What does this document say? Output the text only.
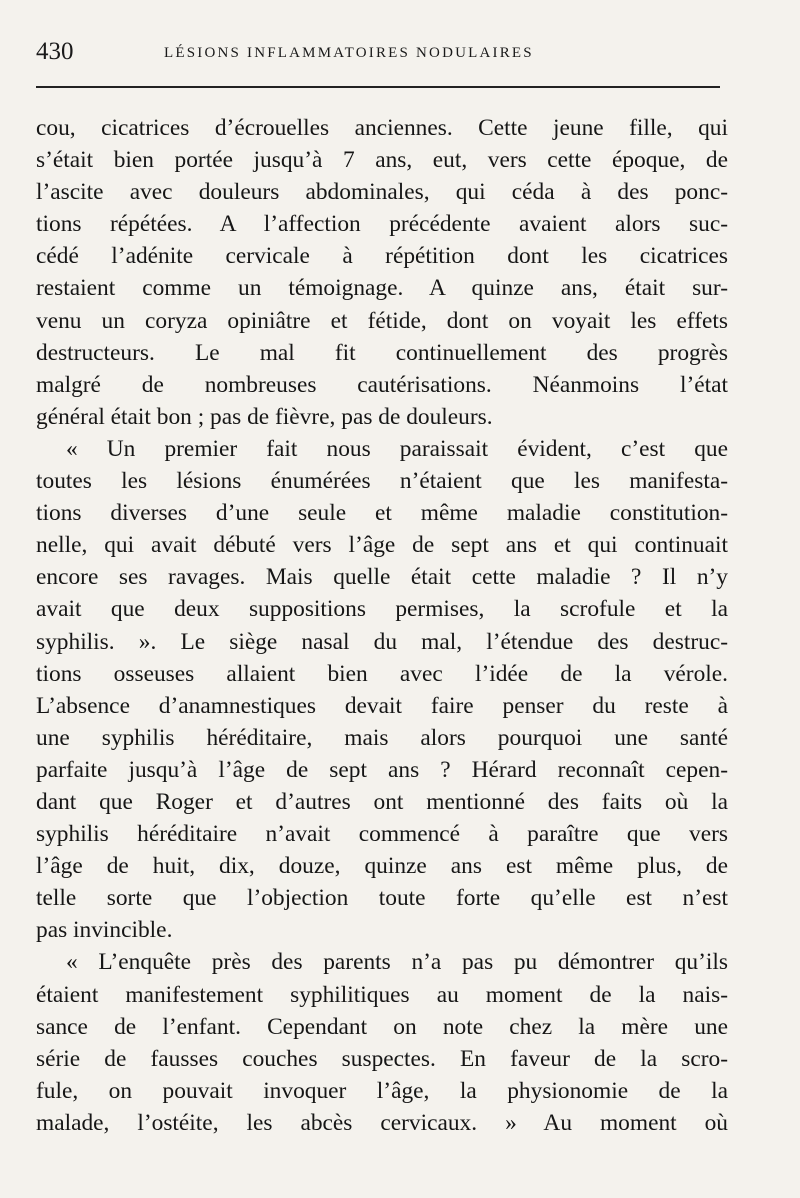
430	LÉSIONS INFLAMMATOIRES NODULAIRES
cou, cicatrices d’écrouelles anciennes. Cette jeune fille, qui
s’était bien portée jusqu’à 7 ans, eut, vers cette époque, de
l’ascite avec douleurs abdominales, qui céda à des ponc-
tions répétées. A l’affection précédente avaient alors suc-
cédé l’adénite cervicale à répétition dont les cicatrices
restaient comme un témoignage. A quinze ans, était sur-
venu un coryza opiniâtre et fétide, dont on voyait les effets
destructeurs. Le mal fit continuellement des progrès
malgré de nombreuses cautérisations. Néanmoins l’état
général était bon ; pas de fièvre, pas de douleurs.
« Un premier fait nous paraissait évident, c’est que
toutes les lésions énumérées n’étaient que les manifesta-
tions diverses d’une seule et même maladie constitution-
nelle, qui avait débuté vers l’âge de sept ans et qui continuait
encore ses ravages. Mais quelle était cette maladie ? Il n’y
avait que deux suppositions permises, la scrofule et la
syphilis. ». Le siège nasal du mal, l’étendue des destruc-
tions osseuses allaient bien avec l’idée de la vérole.
L’absence d’anamnestiques devait faire penser du reste à
une syphilis héréditaire, mais alors pourquoi une santé
parfaite jusqu’à l’âge de sept ans ? Hérard reconnaît cepen-
dant que Roger et d’autres ont mentionné des faits où la
syphilis héréditaire n’avait commencé à paraître que vers
l’âge de huit, dix, douze, quinze ans est même plus, de
telle sorte que l’objection toute forte qu’elle est n’est
pas invincible.
« L’enquête près des parents n’a pas pu démontrer qu’ils
étaient manifestement syphilitiques au moment de la nais-
sance de l’enfant. Cependant on note chez la mère une
série de fausses couches suspectes. En faveur de la scro-
fule, on pouvait invoquer l’âge, la physionomie de la
malade, l’ostéite, les abcès cervicaux. » Au moment où
